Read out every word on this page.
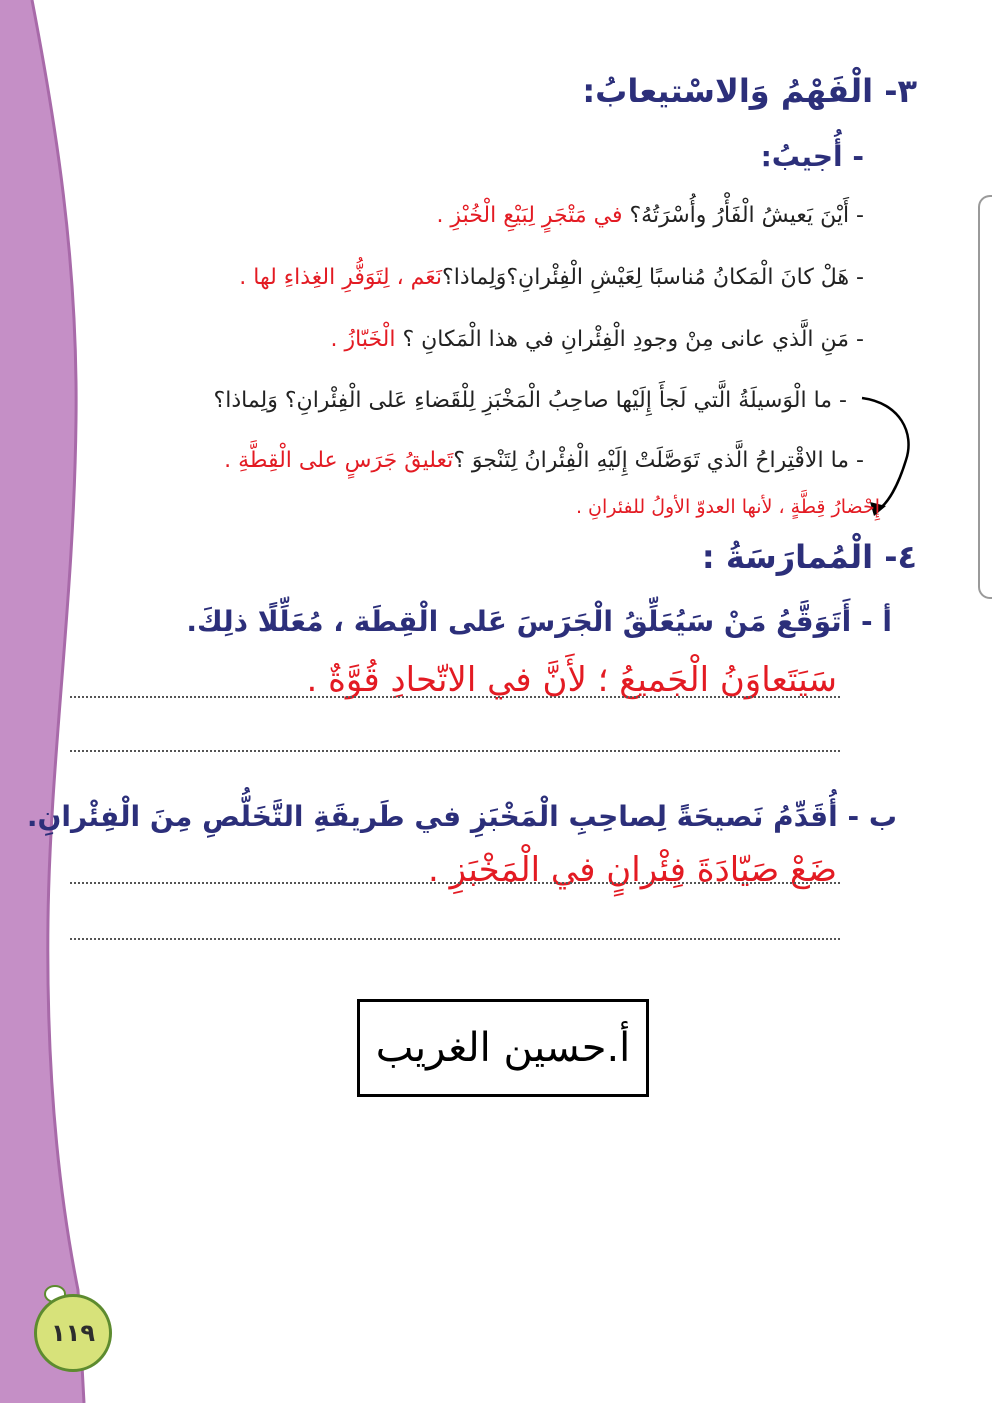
٣- الْفَهْمُ وَالاسْتيعابُ:
- أُجيبُ:
- أَيْنَ يَعيشُ الْفَأْرُ وأُسْرَتُهُ؟ في مَتْجَرٍ لِبَيْعِ الْخُبْزِ .
- هَلْ كانَ الْمَكانُ مُناسبًا لِعَيْشِ الْفِئْرانِ؟وَلِماذا؟نَعَم ، لِتَوَفُّرِ الغِذاءِ لها .
- مَنِ الَّذي عانى مِنْ وجودِ الْفِئْرانِ في هذا الْمَكانِ ؟ الْخَبّازُ .
- ما الْوَسيلَةُ الَّتي لَجأَ إِلَيْها صاحِبُ الْمَخْبَزِ لِلْقَضاءِ عَلى الْفِئْرانِ؟ وَلِماذا؟
- ما الاقْتِراحُ الَّذي تَوَصَّلَتْ إِلَيْهِ الْفِئْرانُ لِتَنْجوَ ؟تَعليقُ جَرَسٍ على الْقِطَّةِ .
إِحْضارُ قِطَّةٍ ، لأنها العدوّ الأولُ للفئرانِ .
٤- الْمُمارَسَةُ :
أ - أَتَوَقَّعُ مَنْ سَيُعَلِّقُ الْجَرَسَ عَلى الْقِطَة ، مُعَلِّلًا ذلِكَ.
سَيَتَعاوَنُ الْجَميعُ ؛ لأَنَّ في الاتّحادِ قُوَّةٌ .
ب - أُقَدِّمُ نَصيحَةً لِصاحِبِ الْمَخْبَزِ في طَريقَةِ التَّخَلُّصِ مِنَ الْفِئْرانِ.
ضَعْ صَيّادَةَ فِئْرانٍ في الْمَخْبَزِ .
أ.حسين الغريب
١١٩
